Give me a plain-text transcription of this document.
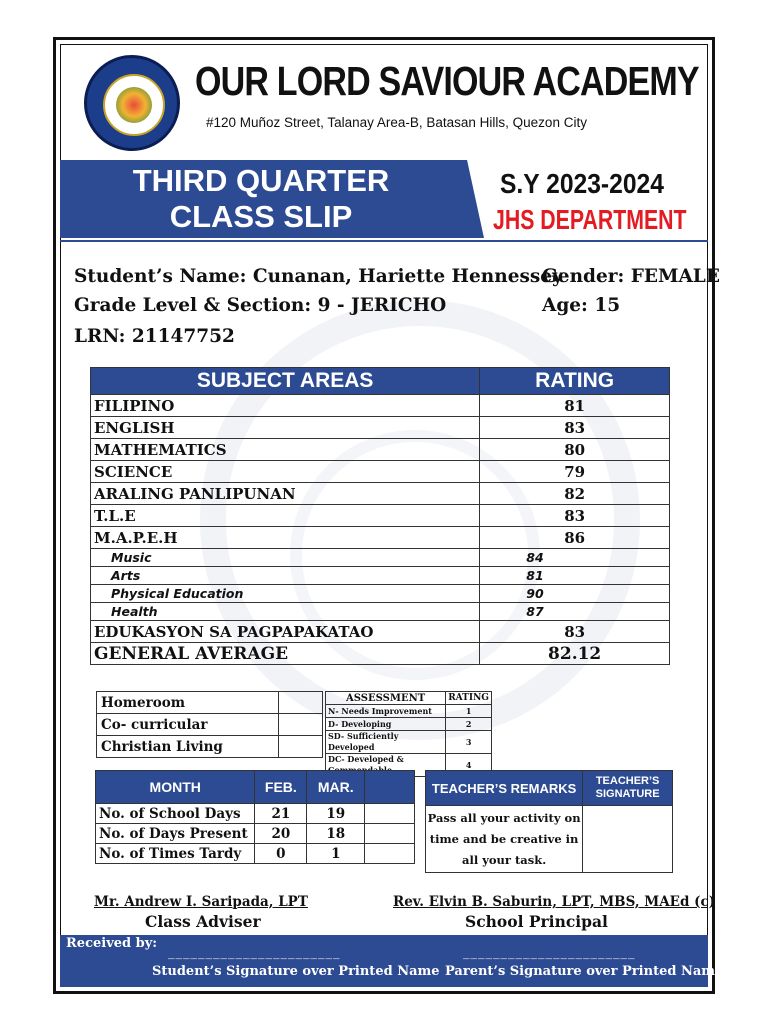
OUR LORD SAVIOUR ACADEMY
#120 Muñoz Street, Talanay Area-B, Batasan Hills, Quezon City
THIRD QUARTER
CLASS SLIP
S.Y 2023-2024
JHS DEPARTMENT
Student’s Name: Cunanan, Hariette Hennessey
Gender: FEMALE
Grade Level & Section: 9 - JERICHO	Age: 15
LRN: 21147752
SUBJECT AREAS	RATING
FILIPINO	81
ENGLISH	83
MATHEMATICS	80
SCIENCE	79
ARALING PANLIPUNAN	82
T.L.E	83
M.A.P.E.H	86
Music	84
Arts	81
Physical Education	90
Health	87
EDUKASYON SA PAGPAPAKATAO	83
GENERAL AVERAGE	82.12
Homeroom	
Co- curricular	
Christian Living	
ASSESSMENT	RATING
N- Needs Improvement	1
D- Developing	2
SD- Sufficiently Developed	3
DC- Developed &	4
MONTH	FEB.	MAR.	
No. of School Days	21	19	
No. of Days Present	20	18	
No. of Times Tardy	0	1	
TEACHER’S REMARKS	TEACHER’S SIGNATURE
Pass all your activity on time and be creative in all your task.	
Mr. Andrew I. Saripada, LPT
Class Adviser
Rev. Elvin B. Saburin, LPT, MBS, MAEd (c)
School Principal
Received by:
_______________________	_______________________
Student’s Signature over Printed Name Parent’s Signature over Printed Name
